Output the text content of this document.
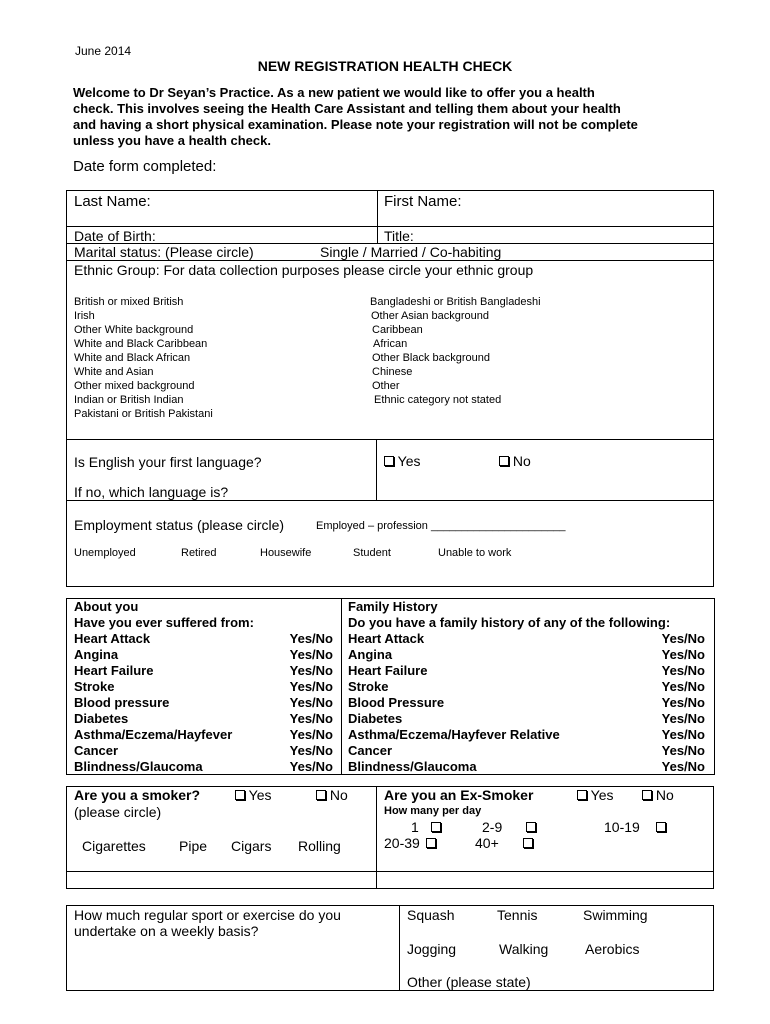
June 2014
NEW REGISTRATION HEALTH CHECK
Welcome to Dr Seyan’s Practice. As a new patient we would like to offer you a health
check. This involves seeing the Health Care Assistant and telling them about your health
and having a short physical examination. Please note your registration will not be complete
unless you have a health check.
Date form completed:
Last Name:	First Name:
Date of Birth:	Title:
Marital status: (Please circle)	Single / Married / Co-habiting
Ethnic Group: For data collection purposes please circle your ethnic group
British or mixed British
Irish
Other White background
White and Black Caribbean
White and Black African
White and Asian
Other mixed background
Indian or British Indian
Pakistani or British Pakistani
Bangladeshi or British Bangladeshi
Other Asian background
Caribbean
African
Other Black background
Chinese
Other
Ethnic category not stated
Is English your first language?	Yes	No
If no, which language is?
Employment status (please circle)	Employed – profession ______________________
Unemployed	Retired	Housewife	Student	Unable to work
About you
Have you ever suffered from:
Family History
Do you have a family history of any of the following:
Heart Attack	Yes/No
Angina	Yes/No
Heart Failure	Yes/No
Stroke	Yes/No
Blood pressure	Yes/No
Diabetes	Yes/No
Asthma/Eczema/Hayfever	Yes/No
Cancer	Yes/No
Blindness/Glaucoma	Yes/No
Heart Attack	Yes/No
Angina	Yes/No
Heart Failure	Yes/No
Stroke	Yes/No
Blood Pressure	Yes/No
Diabetes	Yes/No
Asthma/Eczema/Hayfever Relative	Yes/No
Cancer	Yes/No
Blindness/Glaucoma	Yes/No
Are you a smoker?	Yes	No
(please circle)
Cigarettes Pipe Cigars Rolling
Are you an Ex-Smoker	Yes	No
How many per day
1	2-9	10-19
20-39	40+
How much regular sport or exercise do you
undertake on a weekly basis?
Squash	Tennis	Swimming
Jogging	Walking	Aerobics
Other (please state)
